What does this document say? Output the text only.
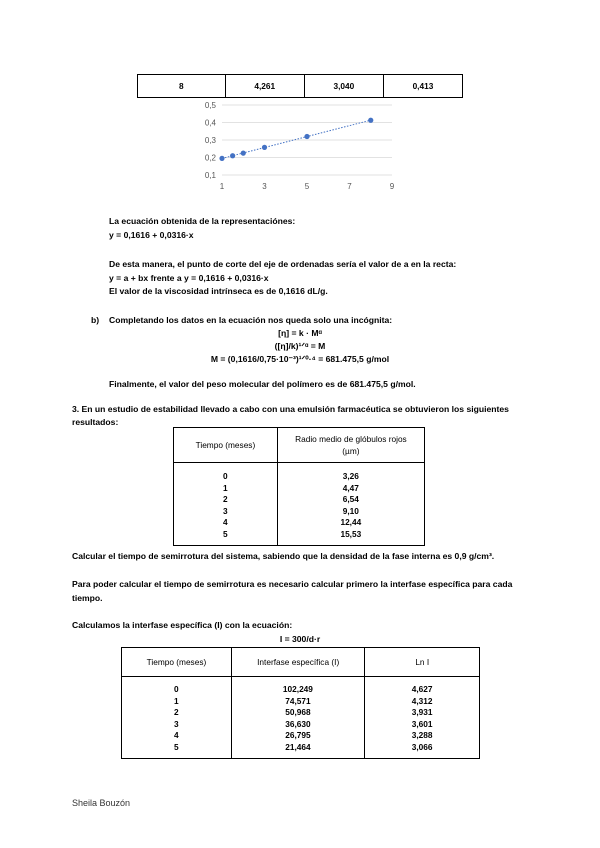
8	4,261	3,040	0,413
0,5
0,4
0,3
0,2
0,1
1	3	5	7	9
La ecuación obtenida de la representaciónes:
y = 0,1616 + 0,0316·x
De esta manera, el punto de corte del eje de ordenadas sería el valor de a en la recta:
y = a + bx frente a y = 0,1616 + 0,0316·x
El valor de la viscosidad intrínseca es de 0,1616 dL/g.
b) Completando los datos en la ecuación nos queda solo una incógnita:
[η] = k · Mᵅ
([η]/k)¹ᐟᵅ = M
M = (0,1616/0,75·10⁻³)¹ᐟ⁰·⁴ = 681.475,5 g/mol
Finalmente, el valor del peso molecular del polímero es de 681.475,5 g/mol.
3. En un estudio de estabilidad llevado a cabo con una emulsión farmacéutica se obtuvieron los siguientes
resultados:
Tiempo (meses)	Radio medio de glóbulos rojos
(µm)
0	3,26
1	4,47
2	6,54
3	9,10
4	12,44
5	15,53
Calcular el tiempo de semirrotura del sistema, sabiendo que la densidad de la fase interna es 0,9 g/cm³.
Para poder calcular el tiempo de semirrotura es necesario calcular primero la interfase específica para cada
tiempo.
Calculamos la interfase específica (I) con la ecuación:
I = 300/d·r
Tiempo (meses)	Interfase específica (I)	Ln I
0	102,249	4,627
1	74,571	4,312
2	50,968	3,931
3	36,630	3,601
4	26,795	3,288
5	21,464	3,066
Sheila Bouzón
